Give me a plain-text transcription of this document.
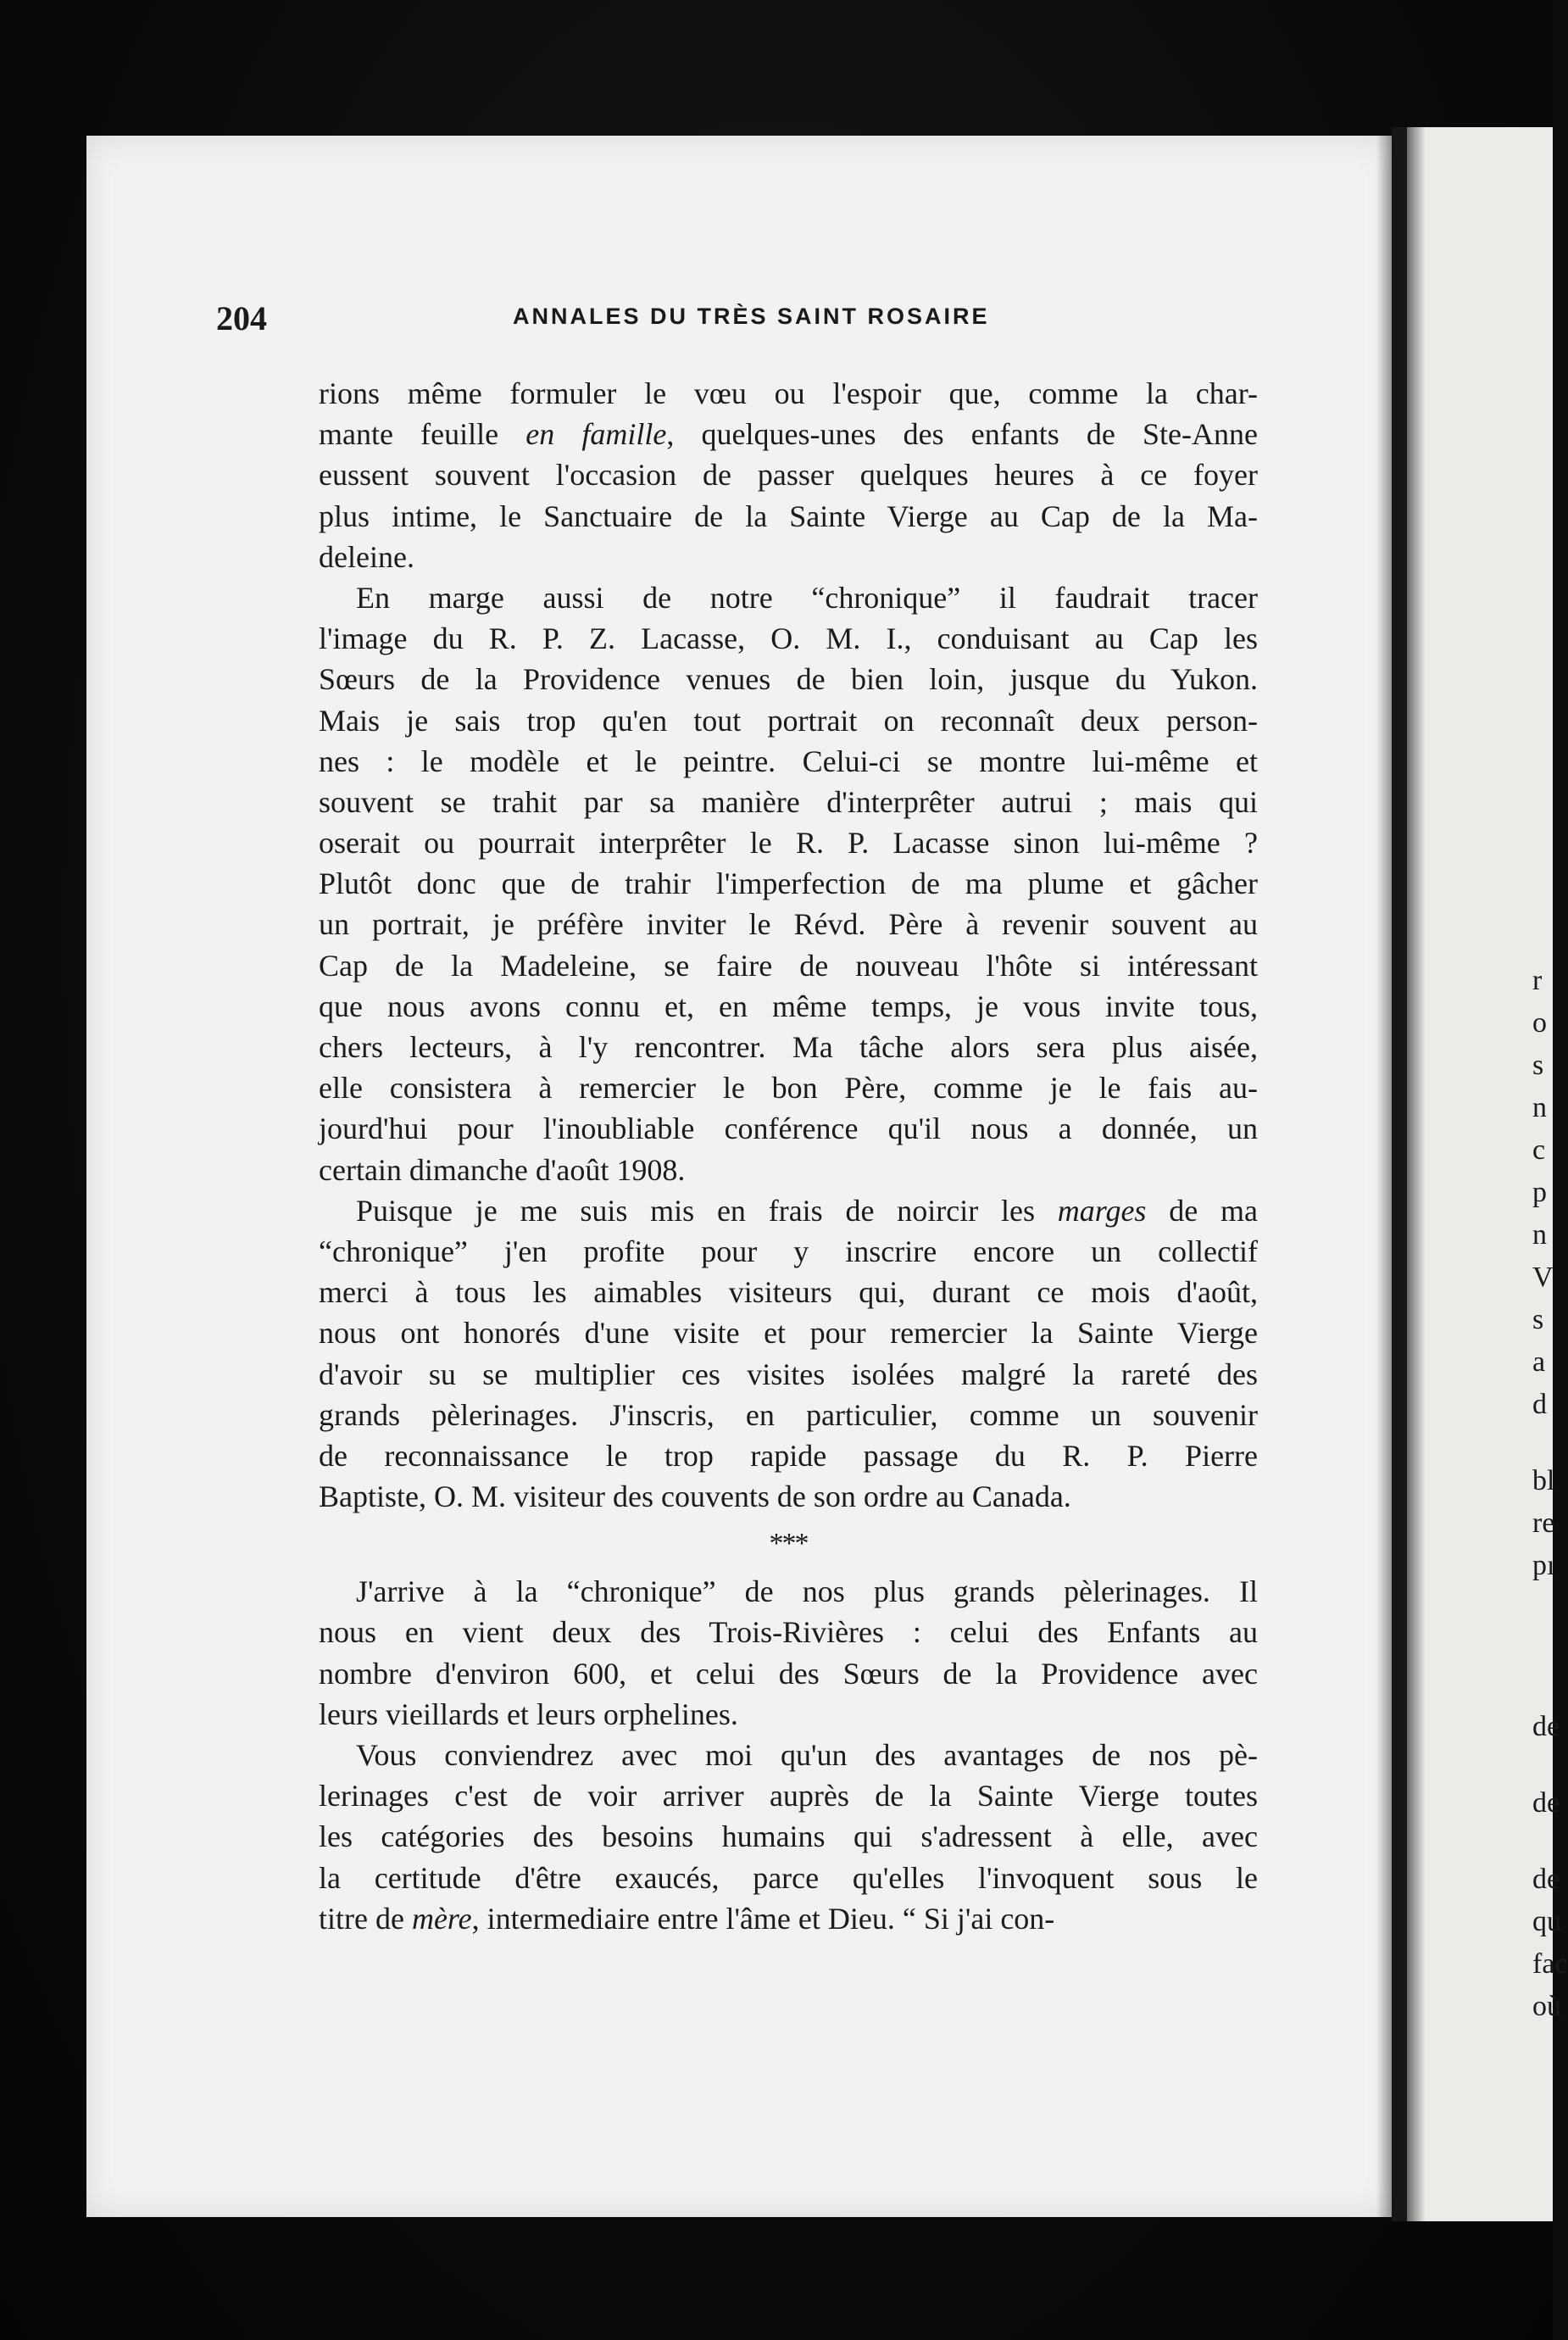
204	ANNALES DU TRÈS SAINT ROSAIRE
rions même formuler le vœu ou l'espoir que, comme la char-
mante feuille en famille, quelques-unes des enfants de Ste-Anne
eussent souvent l'occasion de passer quelques heures à ce foyer
plus intime, le Sanctuaire de la Sainte Vierge au Cap de la Ma-
deleine.
En marge aussi de notre “chronique” il faudrait tracer
l'image du R. P. Z. Lacasse, O. M. I., conduisant au Cap les
Sœurs de la Providence venues de bien loin, jusque du Yukon.
Mais je sais trop qu'en tout portrait on reconnaît deux person-
nes : le modèle et le peintre. Celui-ci se montre lui-même et
souvent se trahit par sa manière d'interprêter autrui ; mais qui
oserait ou pourrait interprêter le R. P. Lacasse sinon lui-même ?
Plutôt donc que de trahir l'imperfection de ma plume et gâcher
un portrait, je préfère inviter le Révd. Père à revenir souvent au
Cap de la Madeleine, se faire de nouveau l'hôte si intéressant
que nous avons connu et, en même temps, je vous invite tous,
chers lecteurs, à l'y rencontrer. Ma tâche alors sera plus aisée,
elle consistera à remercier le bon Père, comme je le fais au-
jourd'hui pour l'inoubliable conférence qu'il nous a donnée, un
certain dimanche d'août 1908.
Puisque je me suis mis en frais de noircir les marges de ma
“chronique” j'en profite pour y inscrire encore un collectif
merci à tous les aimables visiteurs qui, durant ce mois d'août,
nous ont honorés d'une visite et pour remercier la Sainte Vierge
d'avoir su se multiplier ces visites isolées malgré la rareté des
grands pèlerinages. J'inscris, en particulier, comme un souvenir
de reconnaissance le trop rapide passage du R. P. Pierre
Baptiste, O. M. visiteur des couvents de son ordre au Canada.
***
J'arrive à la “chronique” de nos plus grands pèlerinages. Il
nous en vient deux des Trois-Rivières : celui des Enfants au
nombre d'environ 600, et celui des Sœurs de la Providence avec
leurs vieillards et leurs orphelines.
Vous conviendrez avec moi qu'un des avantages de nos pè-
lerinages c'est de voir arriver auprès de la Sainte Vierge toutes
les catégories des besoins humains qui s'adressent à elle, avec
la certitude d'être exaucés, parce qu'elles l'invoquent sous le
titre de mère, intermediaire entre l'âme et Dieu. “ Si j'ai con-
r
o
s
n
c
p
n
V
s
a
d
bl
re
pı
de
de
de
qu
fac
où
